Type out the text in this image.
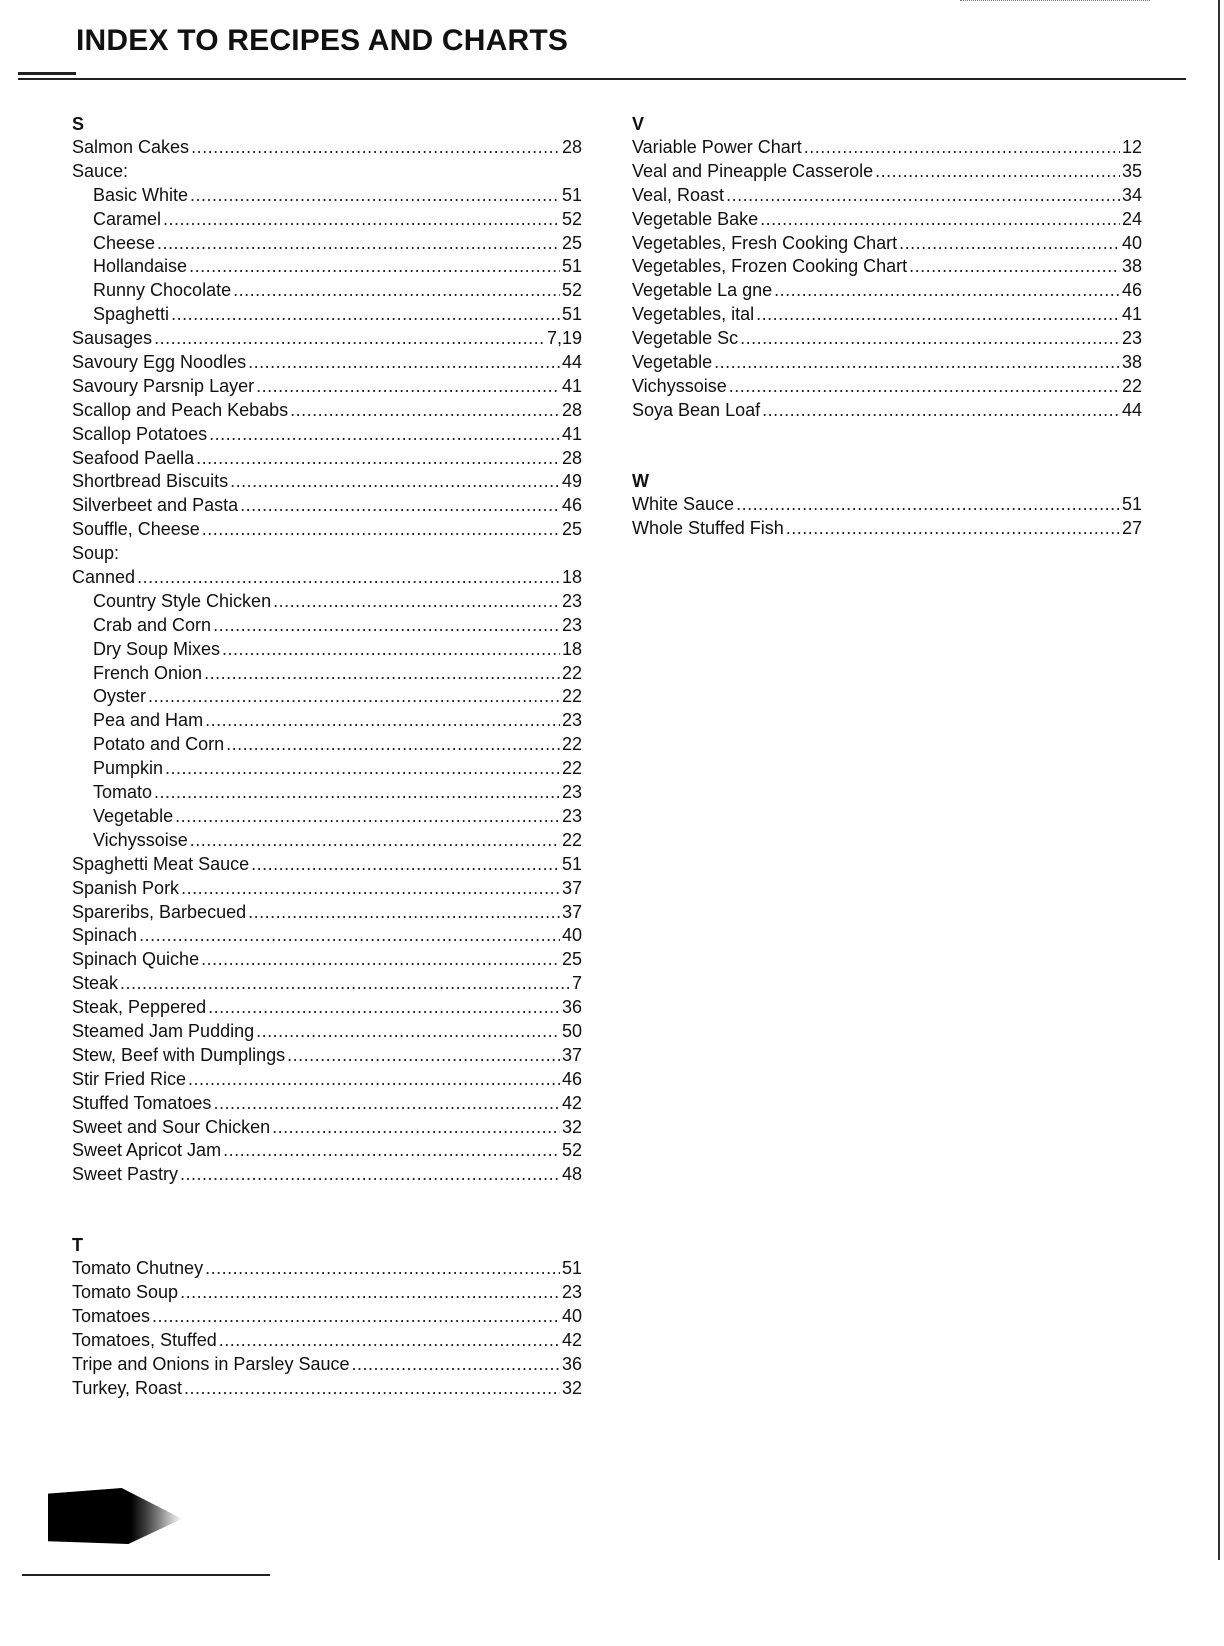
INDEX TO RECIPES AND CHARTS
S
Salmon Cakes .....	28
Sauce:
Basic White .....	51
Caramel .....	52
Cheese .....	25
Hollandaise .....	51
Runny Chocolate .....	52
Spaghetti .....	51
Sausages .....	7,19
Savoury Egg Noodles .....	44
Savoury Parsnip Layer .....	41
Scallop and Peach Kebabs .....	28
Scallop Potatoes .....	41
Seafood Paella .....	28
Shortbread Biscuits .....	49
Silverbeet and Pasta .....	46
Souffle, Cheese .....	25
Soup:
Canned .....	18
Country Style Chicken .....	23
Crab and Corn .....	23
Dry Soup Mixes .....	18
French Onion .....	22
Oyster .....	22
Pea and Ham .....	23
Potato and Corn .....	22
Pumpkin .....	22
Tomato .....	23
Vegetable .....	23
Vichyssoise .....	22
Spaghetti Meat Sauce .....	51
Spanish Pork .....	37
Spareribs, Barbecued .....	37
Spinach .....	40
Spinach Quiche .....	25
Steak .....	7
Steak, Peppered .....	36
Steamed Jam Pudding .....	50
Stew, Beef with Dumplings .....	37
Stir Fried Rice .....	46
Stuffed Tomatoes .....	42
Sweet and Sour Chicken .....	32
Sweet Apricot Jam .....	52
Sweet Pastry .....	48
T
Tomato Chutney .....	51
Tomato Soup .....	23
Tomatoes .....	40
Tomatoes, Stuffed .....	42
Tripe and Onions in Parsley Sauce .....	36
Turkey, Roast .....	32
V
Variable Power Chart .....	12
Veal and Pineapple Casserole .....	35
Veal, Roast .....	34
Vegetable Bake .....	24
Vegetables, Fresh Cooking Chart .....	40
Vegetables, Frozen Cooking Chart .....	38
Vegetable La gne .....	46
Vegetables, ital .....	41
Vegetable Sc .....	23
Vegetable .....	38
Vichyssoise .....	22
Soya Bean Loaf .....	44
W
White Sauce .....	51
Whole Stuffed Fish .....	27
